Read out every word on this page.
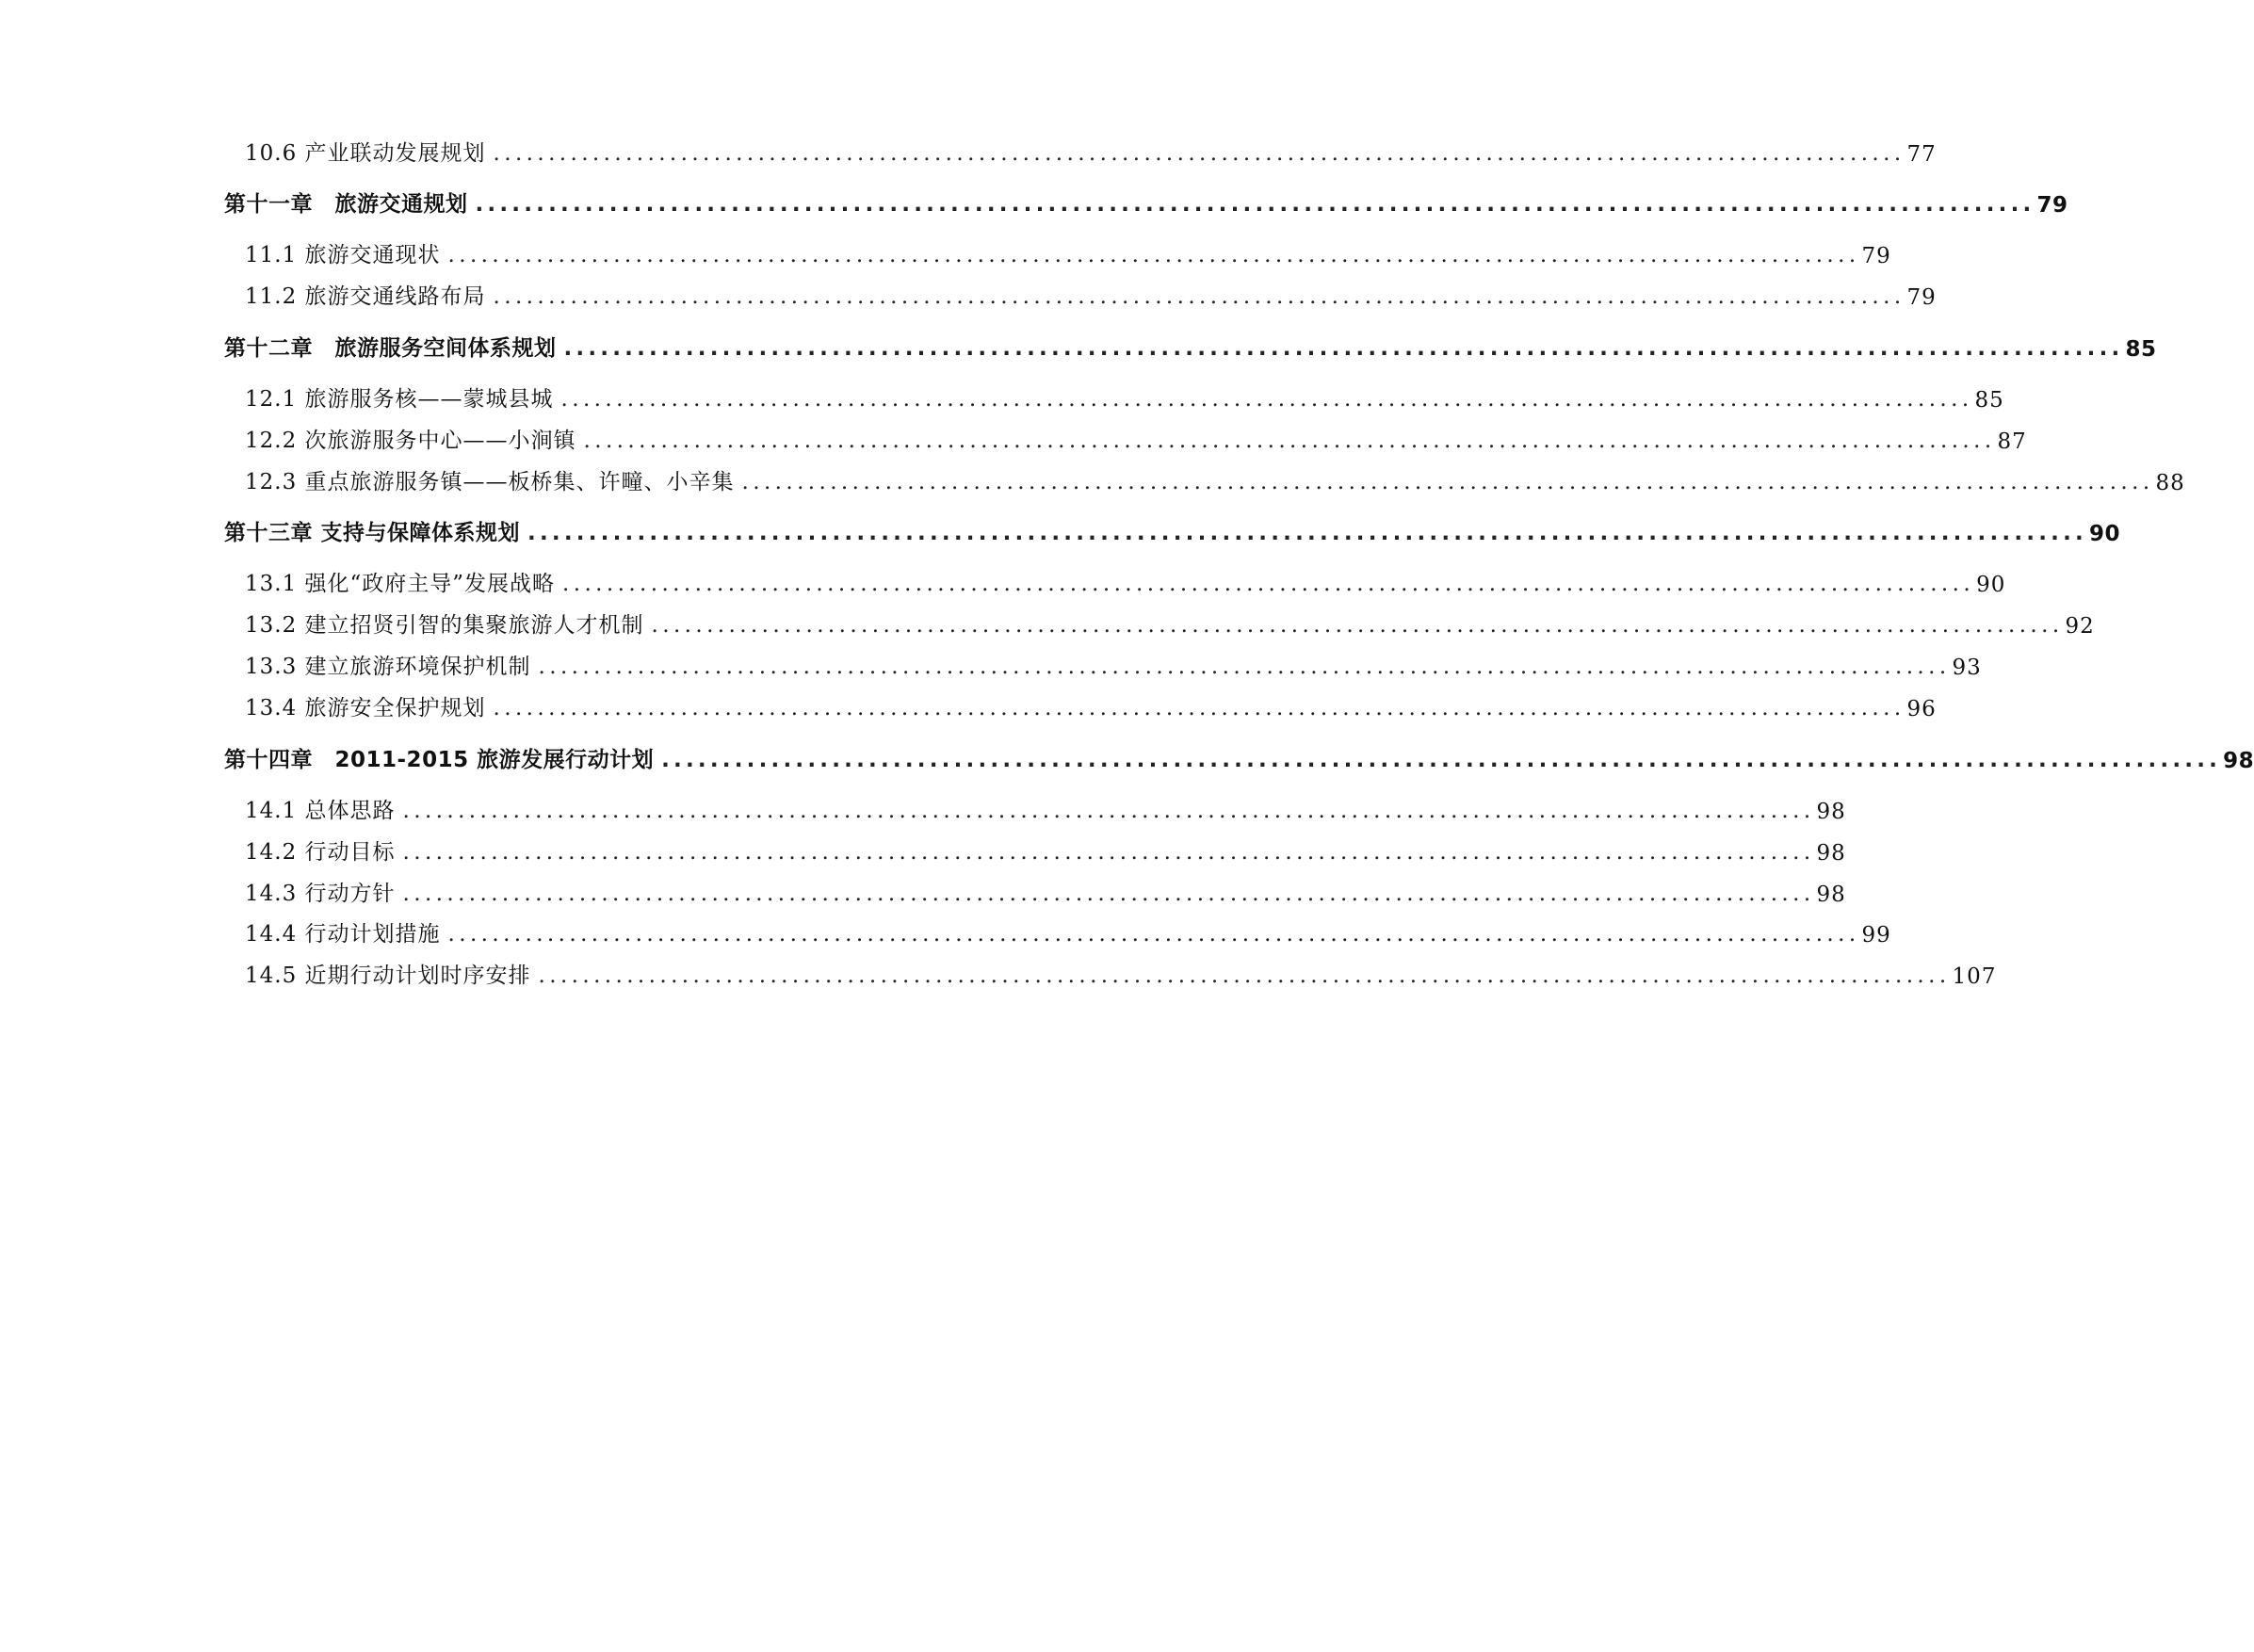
10.6 产业联动发展规划 ................................................................................................................................ 77
第十一章　旅游交通规划 ................................................................................................................................ 79
11.1 旅游交通现状 ................................................................................................................................ 79
11.2 旅游交通线路布局 ................................................................................................................................ 79
第十二章　旅游服务空间体系规划 ................................................................................................................................ 85
12.1 旅游服务核——蒙城县城 ................................................................................................................................ 85
12.2 次旅游服务中心——小涧镇 ................................................................................................................................ 87
12.3 重点旅游服务镇——板桥集、许疃、小辛集 ................................................................................................................................ 88
第十三章 支持与保障体系规划 ................................................................................................................................ 90
13.1 强化“政府主导”发展战略 ................................................................................................................................ 90
13.2 建立招贤引智的集聚旅游人才机制 ................................................................................................................................ 92
13.3 建立旅游环境保护机制 ................................................................................................................................ 93
13.4 旅游安全保护规划 ................................................................................................................................ 96
第十四章　2011-2015 旅游发展行动计划 ................................................................................................................................ 98
14.1 总体思路 ................................................................................................................................ 98
14.2 行动目标 ................................................................................................................................ 98
14.3 行动方针 ................................................................................................................................ 98
14.4 行动计划措施 ................................................................................................................................ 99
14.5 近期行动计划时序安排 ................................................................................................................................ 107
